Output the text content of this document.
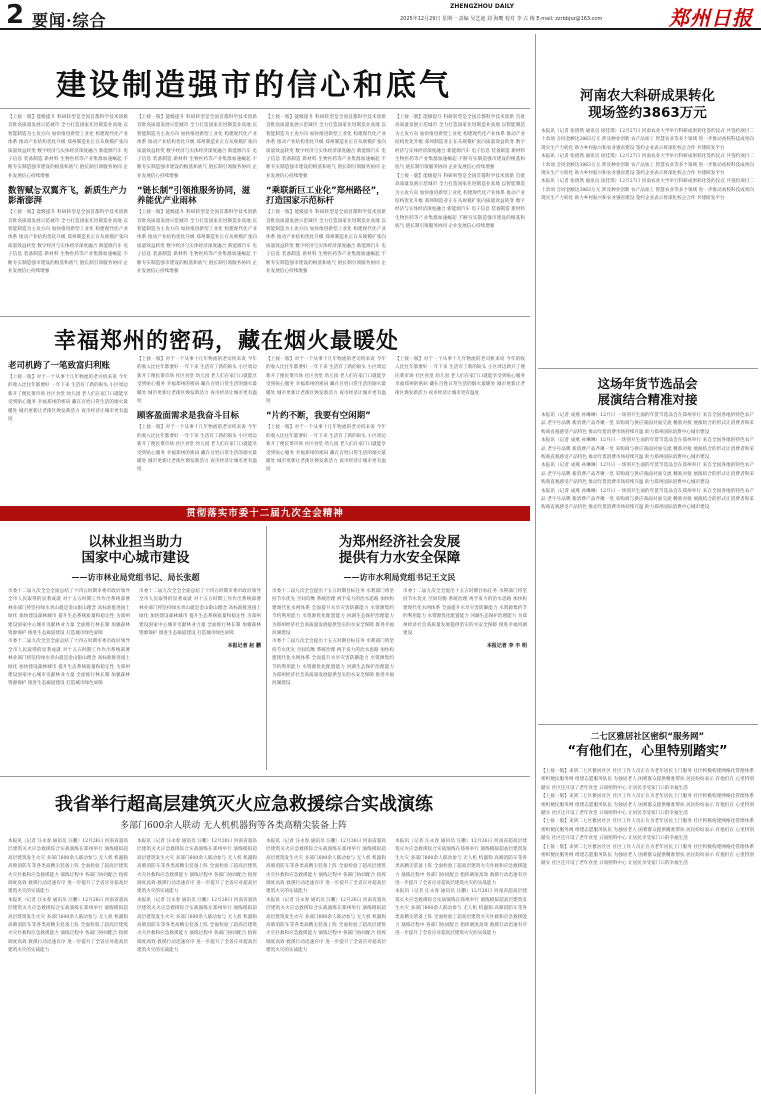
2 要闻·综合
ZHENGZHOU DAILY
2025年12月29日 星期一 责编 吴艺迪 刘 海鹰 校对 李 占 梅 E-mail: zzrbbjsz@163.com	郑州日报
建设制造强市的信心和底气

【上接一版】能级提升 科研转型是全国首都科学技术创新 首批高质量发展示范城市 全力打造国家先进制造业高地 以智能制造为主攻方向 加快推进新型工业化 构建现代化产业体系 推动产业结构优化升级 郑州制造业正在从规模扩张向质量效益转变 数字经济与实体经济深度融合 新能源汽车 电子信息 装备制造 新材料 生物医药等产业集群加速崛起 不断夯实制造强市建设的根基和底气 链长制引领服务协同 企业发展信心持续增强

数智赋능双翼齐飞，新质生产力影渐澎湃

【上接一版】能级提升 科研转型是全国首都科学技术创新 首批高质量发展示范城市 全力打造国家先进制造业高地 以智能制造为主攻方向 加快推进新型工业化 构建现代化产业体系 推动产业结构优化升级 郑州制造业正在从规模扩张向质量效益转变 数字经济与实体经济深度融合 新能源汽车 电子信息 装备制造 新材料 生物医药等产业集群加速崛起 不断夯实制造强市建设的根基和底气 链长制引领服务协同 企业发展信心持续增强

【上接一版】能级提升 科研转型是全国首都科学技术创新 首批高质量发展示范城市 全力打造国家先进制造业高地 以智能制造为主攻方向 加快推进新型工业化 构建现代化产业体系 推动产业结构优化升级 郑州制造业正在从规模扩张向质量效益转变 数字经济与实体经济深度融合 新能源汽车 电子信息 装备制造 新材料 生物医药等产业集群加速崛起 不断夯实制造强市建设的根基和底气 链长制引领服务协同 企业发展信心持续增强

“链长制”引领推服务协同，滋养能优产业雨林

【上接一版】能级提升 科研转型是全国首都科学技术创新 首批高质量发展示范城市 全力打造国家先进制造业高地 以智能制造为主攻方向 加快推进新型工业化 构建现代化产业体系 推动产业结构优化升级 郑州制造业正在从规模扩张向质量效益转变 数字经济与实体经济深度融合 新能源汽车 电子信息 装备制造 新材料 生物医药等产业集群加速崛起 不断夯实制造强市建设的根基和底气 链长制引领服务协同 企业发展信心持续增强

【上接一版】能级提升 科研转型是全国首都科学技术创新 首批高质量发展示范城市 全力打造国家先进制造业高地 以智能制造为主攻方向 加快推进新型工业化 构建现代化产业体系 推动产业结构优化升级 郑州制造业正在从规模扩张向质量效益转变 数字经济与实体经济深度融合 新能源汽车 电子信息 装备制造 新材料 生物医药等产业集群加速崛起 不断夯实制造强市建设的根基和底气 链长制引领服务协同 企业发展信心持续增强

“乘联新巨工业化”郑州路径”，打造国家示范标杆

【上接一版】能级提升 科研转型是全国首都科学技术创新 首批高质量发展示范城市 全力打造国家先进制造业高地 以智能制造为主攻方向 加快推进新型工业化 构建现代化产业体系 推动产业结构优化升级 郑州制造业正在从规模扩张向质量效益转变 数字经济与实体经济深度融合 新能源汽车 电子信息 装备制造 新材料 生物医药等产业集群加速崛起 不断夯实制造强市建设的根基和底气 链长制引领服务协同 企业发展信心持续增强

【上接一版】能级提升 科研转型是全国首都科学技术创新 首批高质量发展示范城市 全力打造国家先进制造业高地 以智能制造为主攻方向 加快推进新型工业化 构建现代化产业体系 推动产业结构优化升级 郑州制造业正在从规模扩张向质量效益转变 数字经济与实体经济深度融合 新能源汽车 电子信息 装备制造 新材料 生物医药等产业集群加速崛起 不断夯实制造强市建设的根基和底气 链长制引领服务协同 企业发展信心持续增强

【上接一版】能级提升 科研转型是全国首都科学技术创新 首批高质量发展示范城市 全力打造国家先进制造业高地 以智能制造为主攻方向 加快推进新型工业化 构建现代化产业体系 推动产业结构优化升级 郑州制造业正在从规模扩张向质量效益转变 数字经济与实体经济深度融合 新能源汽车 电子信息 装备制造 新材料 生物医药等产业集群加速崛起 不断夯实制造强市建设的根基和底气 链长制引领服务协同 企业发展信心持续增强

河南农大科研成果转化
现场签约3863万元

本报讯（记者 张倩然 通讯员 徐佳琪）12月27日 河南农业大学举行科研成果转化签约仪式 共签约项目二十余项 合同金额达3863万元 涉及种业创新 农产品加工 智慧农业等多个领域 进一步推动高校科技成果向现实生产力转化 助力乡村振兴和农业强省建设 签约企业表示将深化校企合作 共建研发平台

本报讯（记者 张倩然 通讯员 徐佳琪）12月27日 河南农业大学举行科研成果转化签约仪式 共签约项目二十余项 合同金额达3863万元 涉及种业创新 农产品加工 智慧农业等多个领域 进一步推动高校科技成果向现实生产力转化 助力乡村振兴和农业强省建设 签约企业表示将深化校企合作 共建研发平台

本报讯（记者 张倩然 通讯员 徐佳琪）12月27日 河南农业大学举行科研成果转化签约仪式 共签约项目二十余项 合同金额达3863万元 涉及种业创新 农产品加工 智慧农业等多个领域 进一步推动高校科技成果向现实生产力转化 助力乡村振兴和农业强省建设 签约企业表示将深化校企合作 共建研发平台

幸福郑州的密码，藏在烟火最暖处
老司机跨了一笔致富归利账

【上接一版】对于一个从事十几年物流的老司机来说 今年的收入比往年都要好 一年下来 生活有了新的盼头 小区周边新开了便民菜市场 社区食堂 幼儿园 老人们在家门口就能享受到贴心服务 幸福郑州的密码 藏在百姓日常生活的烟火最暖处 城市更新让老街区焕发新活力 夜市经济让城市更有温度

【上接一版】对于一个从事十几年物流的老司机来说 今年的收入比往年都要好 一年下来 生活有了新的盼头 小区周边新开了便民菜市场 社区食堂 幼儿园 老人们在家门口就能享受到贴心服务 幸福郑州的密码 藏在百姓日常生活的烟火最暖处 城市更新让老街区焕发新活力 夜市经济让城市更有温度

顾客盈面需求是我奋斗目标

【上接一版】对于一个从事十几年物流的老司机来说 今年的收入比往年都要好 一年下来 生活有了新的盼头 小区周边新开了便民菜市场 社区食堂 幼儿园 老人们在家门口就能享受到贴心服务 幸福郑州的密码 藏在百姓日常生活的烟火最暖处 城市更新让老街区焕发新活力 夜市经济让城市更有温度

【上接一版】对于一个从事十几年物流的老司机来说 今年的收入比往年都要好 一年下来 生活有了新的盼头 小区周边新开了便民菜市场 社区食堂 幼儿园 老人们在家门口就能享受到贴心服务 幸福郑州的密码 藏在百姓日常生活的烟火最暖处 城市更新让老街区焕发新活力 夜市经济让城市更有温度

“片约不断，我要有空闲期”

【上接一版】对于一个从事十几年物流的老司机来说 今年的收入比往年都要好 一年下来 生活有了新的盼头 小区周边新开了便民菜市场 社区食堂 幼儿园 老人们在家门口就能享受到贴心服务 幸福郑州的密码 藏在百姓日常生活的烟火最暖处 城市更新让老街区焕发新活力 夜市经济让城市更有温度

【上接一版】对于一个从事十几年物流的老司机来说 今年的收入比往年都要好 一年下来 生活有了新的盼头 小区周边新开了便民菜市场 社区食堂 幼儿园 老人们在家门口就能享受到贴心服务 幸福郑州的密码 藏在百姓日常生活的烟火最暖处 城市更新让老街区焕发新活力 夜市经济让城市更有温度

这场年货节选品会
展演结合精准对接

本报讯（记者 成燕 孙琳琳）12月日 一场别开生面的年货节选品会在郑州举行 来自全国各地的特色农产品 老字号品牌 新消费产品齐聚一堂 采购商与供应商面对面交流 精准对接 展演结合的形式让消费者和采购商直观感受产品特色 推动年货消费市场持续升温 助力郑州国际消费中心城市建设

本报讯（记者 成燕 孙琳琳）12月日 一场别开生面的年货节选品会在郑州举行 来自全国各地的特色农产品 老字号品牌 新消费产品齐聚一堂 采购商与供应商面对面交流 精准对接 展演结合的形式让消费者和采购商直观感受产品特色 推动年货消费市场持续升温 助力郑州国际消费中心城市建设

本报讯（记者 成燕 孙琳琳）12月日 一场别开生面的年货节选品会在郑州举行 来自全国各地的特色农产品 老字号品牌 新消费产品齐聚一堂 采购商与供应商面对面交流 精准对接 展演结合的形式让消费者和采购商直观感受产品特色 推动年货消费市场持续升温 助力郑州国际消费中心城市建设

本报讯（记者 成燕 孙琳琳）12月日 一场别开生面的年货节选品会在郑州举行 来自全国各地的特色农产品 老字号品牌 新消费产品齐聚一堂 采购商与供应商面对面交流 精准对接 展演结合的形式让消费者和采购商直观感受产品特色 推动年货消费市场持续升温 助力郑州国际消费中心城市建设

贯彻落实市委十二届九次全会精神
以林业担当助力
国家中心城市建设
——访市林业局党组书记、局长张超

市委十二届九次全会全面总结了十四五时期市委市政府领导全市人民取得的显著成就 对十五五时期工作作出系统部署 林业部门将坚持绿水青山就是金山银山理念 高标准推进国土绿化 加快建设森林城市 提升生态系统质量和稳定性 为郑州建设国家中心城市贡献林业力量 全面推行林长制 加强森林资源保护 推进生态廊道建设 打造城市绿色屏障

市委十二届九次全会全面总结了十四五时期市委市政府领导全市人民取得的显著成就 对十五五时期工作作出系统部署 林业部门将坚持绿水青山就是金山银山理念 高标准推进国土绿化 加快建设森林城市 提升生态系统质量和稳定性 为郑州建设国家中心城市贡献林业力量 全面推行林长制 加强森林资源保护 推进生态廊道建设 打造城市绿色屏障

市委十二届九次全会全面总结了十四五时期市委市政府领导全市人民取得的显著成就 对十五五时期工作作出系统部署 林业部门将坚持绿水青山就是金山银山理念 高标准推进国土绿化 加快建设森林城市 提升生态系统质量和稳定性 为郑州建设国家中心城市贡献林业力量 全面推行林长制 加强森林资源保护 推进生态廊道建设 打造城市绿色屏障

本报记者 赵 鹏
为郑州经济社会发展
提供有力水安全保障
——访市水利局党组书记王文民

市委十二届九次全会提出十五五时期目标任务 水利部门将坚持节水优先 空间均衡 系统治理 两手发力的治水思路 加快构建现代化水网体系 全面提升水旱灾害防御能力 水资源集约节约利用能力 水资源优化配置能力 河湖生态保护治理能力 为郑州经济社会高质量发展提供坚实的水安全保障 推进幸福河湖建设

市委十二届九次全会提出十五五时期目标任务 水利部门将坚持节水优先 空间均衡 系统治理 两手发力的治水思路 加快构建现代化水网体系 全面提升水旱灾害防御能力 水资源集约节约利用能力 水资源优化配置能力 河湖生态保护治理能力 为郑州经济社会高质量发展提供坚实的水安全保障 推进幸福河湖建设

市委十二届九次全会提出十五五时期目标任务 水利部门将坚持节水优先 空间均衡 系统治理 两手发力的治水思路 加快构建现代化水网体系 全面提升水旱灾害防御能力 水资源集约节约利用能力 水资源优化配置能力 河湖生态保护治理能力 为郑州经济社会高质量发展提供坚实的水安全保障 推进幸福河湖建设

本报记者 李 丰 明
二七区雅居社区密织“服务网”
“有他们在，心里特别踏实”

【上接一版】来到二七区雅居社区 社区工作人员正在为老年居民上门服务 社区积极构建网格化管理体系 密织便民服务网 组建志愿服务队伍 为独居老人 困难群众提供精准帮扶 居民纷纷表示 有他们在 心里特别踏实 社区还开设了老年食堂 日间照料中心 让居民享受家门口的幸福生活

【上接一版】来到二七区雅居社区 社区工作人员正在为老年居民上门服务 社区积极构建网格化管理体系 密织便民服务网 组建志愿服务队伍 为独居老人 困难群众提供精准帮扶 居民纷纷表示 有他们在 心里特别踏实 社区还开设了老年食堂 日间照料中心 让居民享受家门口的幸福生活

【上接一版】来到二七区雅居社区 社区工作人员正在为老年居民上门服务 社区积极构建网格化管理体系 密织便民服务网 组建志愿服务队伍 为独居老人 困难群众提供精准帮扶 居民纷纷表示 有他们在 心里特别踏实 社区还开设了老年食堂 日间照料中心 让居民享受家门口的幸福生活

【上接一版】来到二七区雅居社区 社区工作人员正在为老年居民上门服务 社区积极构建网格化管理体系 密织便民服务网 组建志愿服务队伍 为独居老人 困难群众提供精准帮扶 居民纷纷表示 有他们在 心里特别踏实 社区还开设了老年食堂 日间照料中心 让居民享受家门口的幸福生活

我省举行超高层建筑灭火应急救援综合实战演练
多部门600余人联动 无人机机器狗等各类高精尖装备上阵

本报讯（记者 汪永春 通讯员 汪鹏）12月26日 河南省超高层建筑灭火应急救援综合实战演练在郑州举行 演练模拟超高层建筑发生火灾 多部门600余人联动参与 无人机 机器狗 高喷消防车等各类高精尖装备上阵 全面检验了超高层建筑火灾扑救和应急救援能力 演练过程中 各部门协同配合 指挥调度高效 救援行动迅速有序 进一步提升了全省应对超高层建筑火灾的实战能力

本报讯（记者 汪永春 通讯员 汪鹏）12月26日 河南省超高层建筑灭火应急救援综合实战演练在郑州举行 演练模拟超高层建筑发生火灾 多部门600余人联动参与 无人机 机器狗 高喷消防车等各类高精尖装备上阵 全面检验了超高层建筑火灾扑救和应急救援能力 演练过程中 各部门协同配合 指挥调度高效 救援行动迅速有序 进一步提升了全省应对超高层建筑火灾的实战能力

本报讯（记者 汪永春 通讯员 汪鹏）12月26日 河南省超高层建筑灭火应急救援综合实战演练在郑州举行 演练模拟超高层建筑发生火灾 多部门600余人联动参与 无人机 机器狗 高喷消防车等各类高精尖装备上阵 全面检验了超高层建筑火灾扑救和应急救援能力 演练过程中 各部门协同配合 指挥调度高效 救援行动迅速有序 进一步提升了全省应对超高层建筑火灾的实战能力

本报讯（记者 汪永春 通讯员 汪鹏）12月26日 河南省超高层建筑灭火应急救援综合实战演练在郑州举行 演练模拟超高层建筑发生火灾 多部门600余人联动参与 无人机 机器狗 高喷消防车等各类高精尖装备上阵 全面检验了超高层建筑火灾扑救和应急救援能力 演练过程中 各部门协同配合 指挥调度高效 救援行动迅速有序 进一步提升了全省应对超高层建筑火灾的实战能力

本报讯（记者 汪永春 通讯员 汪鹏）12月26日 河南省超高层建筑灭火应急救援综合实战演练在郑州举行 演练模拟超高层建筑发生火灾 多部门600余人联动参与 无人机 机器狗 高喷消防车等各类高精尖装备上阵 全面检验了超高层建筑火灾扑救和应急救援能力 演练过程中 各部门协同配合 指挥调度高效 救援行动迅速有序 进一步提升了全省应对超高层建筑火灾的实战能力

本报讯（记者 汪永春 通讯员 汪鹏）12月26日 河南省超高层建筑灭火应急救援综合实战演练在郑州举行 演练模拟超高层建筑发生火灾 多部门600余人联动参与 无人机 机器狗 高喷消防车等各类高精尖装备上阵 全面检验了超高层建筑火灾扑救和应急救援能力 演练过程中 各部门协同配合 指挥调度高效 救援行动迅速有序 进一步提升了全省应对超高层建筑火灾的实战能力

本报讯（记者 汪永春 通讯员 汪鹏）12月26日 河南省超高层建筑灭火应急救援综合实战演练在郑州举行 演练模拟超高层建筑发生火灾 多部门600余人联动参与 无人机 机器狗 高喷消防车等各类高精尖装备上阵 全面检验了超高层建筑火灾扑救和应急救援能力 演练过程中 各部门协同配合 指挥调度高效 救援行动迅速有序 进一步提升了全省应对超高层建筑火灾的实战能力

本报讯（记者 汪永春 通讯员 汪鹏）12月26日 河南省超高层建筑灭火应急救援综合实战演练在郑州举行 演练模拟超高层建筑发生火灾 多部门600余人联动参与 无人机 机器狗 高喷消防车等各类高精尖装备上阵 全面检验了超高层建筑火灾扑救和应急救援能力 演练过程中 各部门协同配合 指挥调度高效 救援行动迅速有序 进一步提升了全省应对超高层建筑火灾的实战能力
